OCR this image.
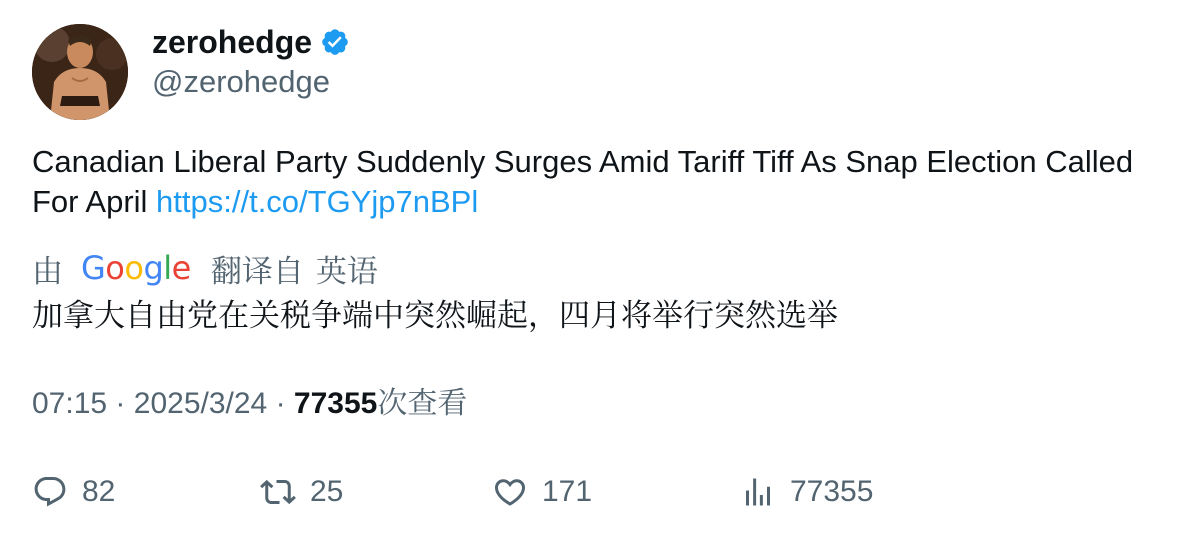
zerohedge
@zerohedge
Canadian Liberal Party Suddenly Surges Amid Tariff Tiff As Snap Election Called For April https://t.co/TGYjp7nBPl
由 Google 翻译自 英语
加拿大自由党在关税争端中突然崛起，四月将举行突然选举
07:15 · 2025/3/24 · 77355次查看
82	25	171	77355
